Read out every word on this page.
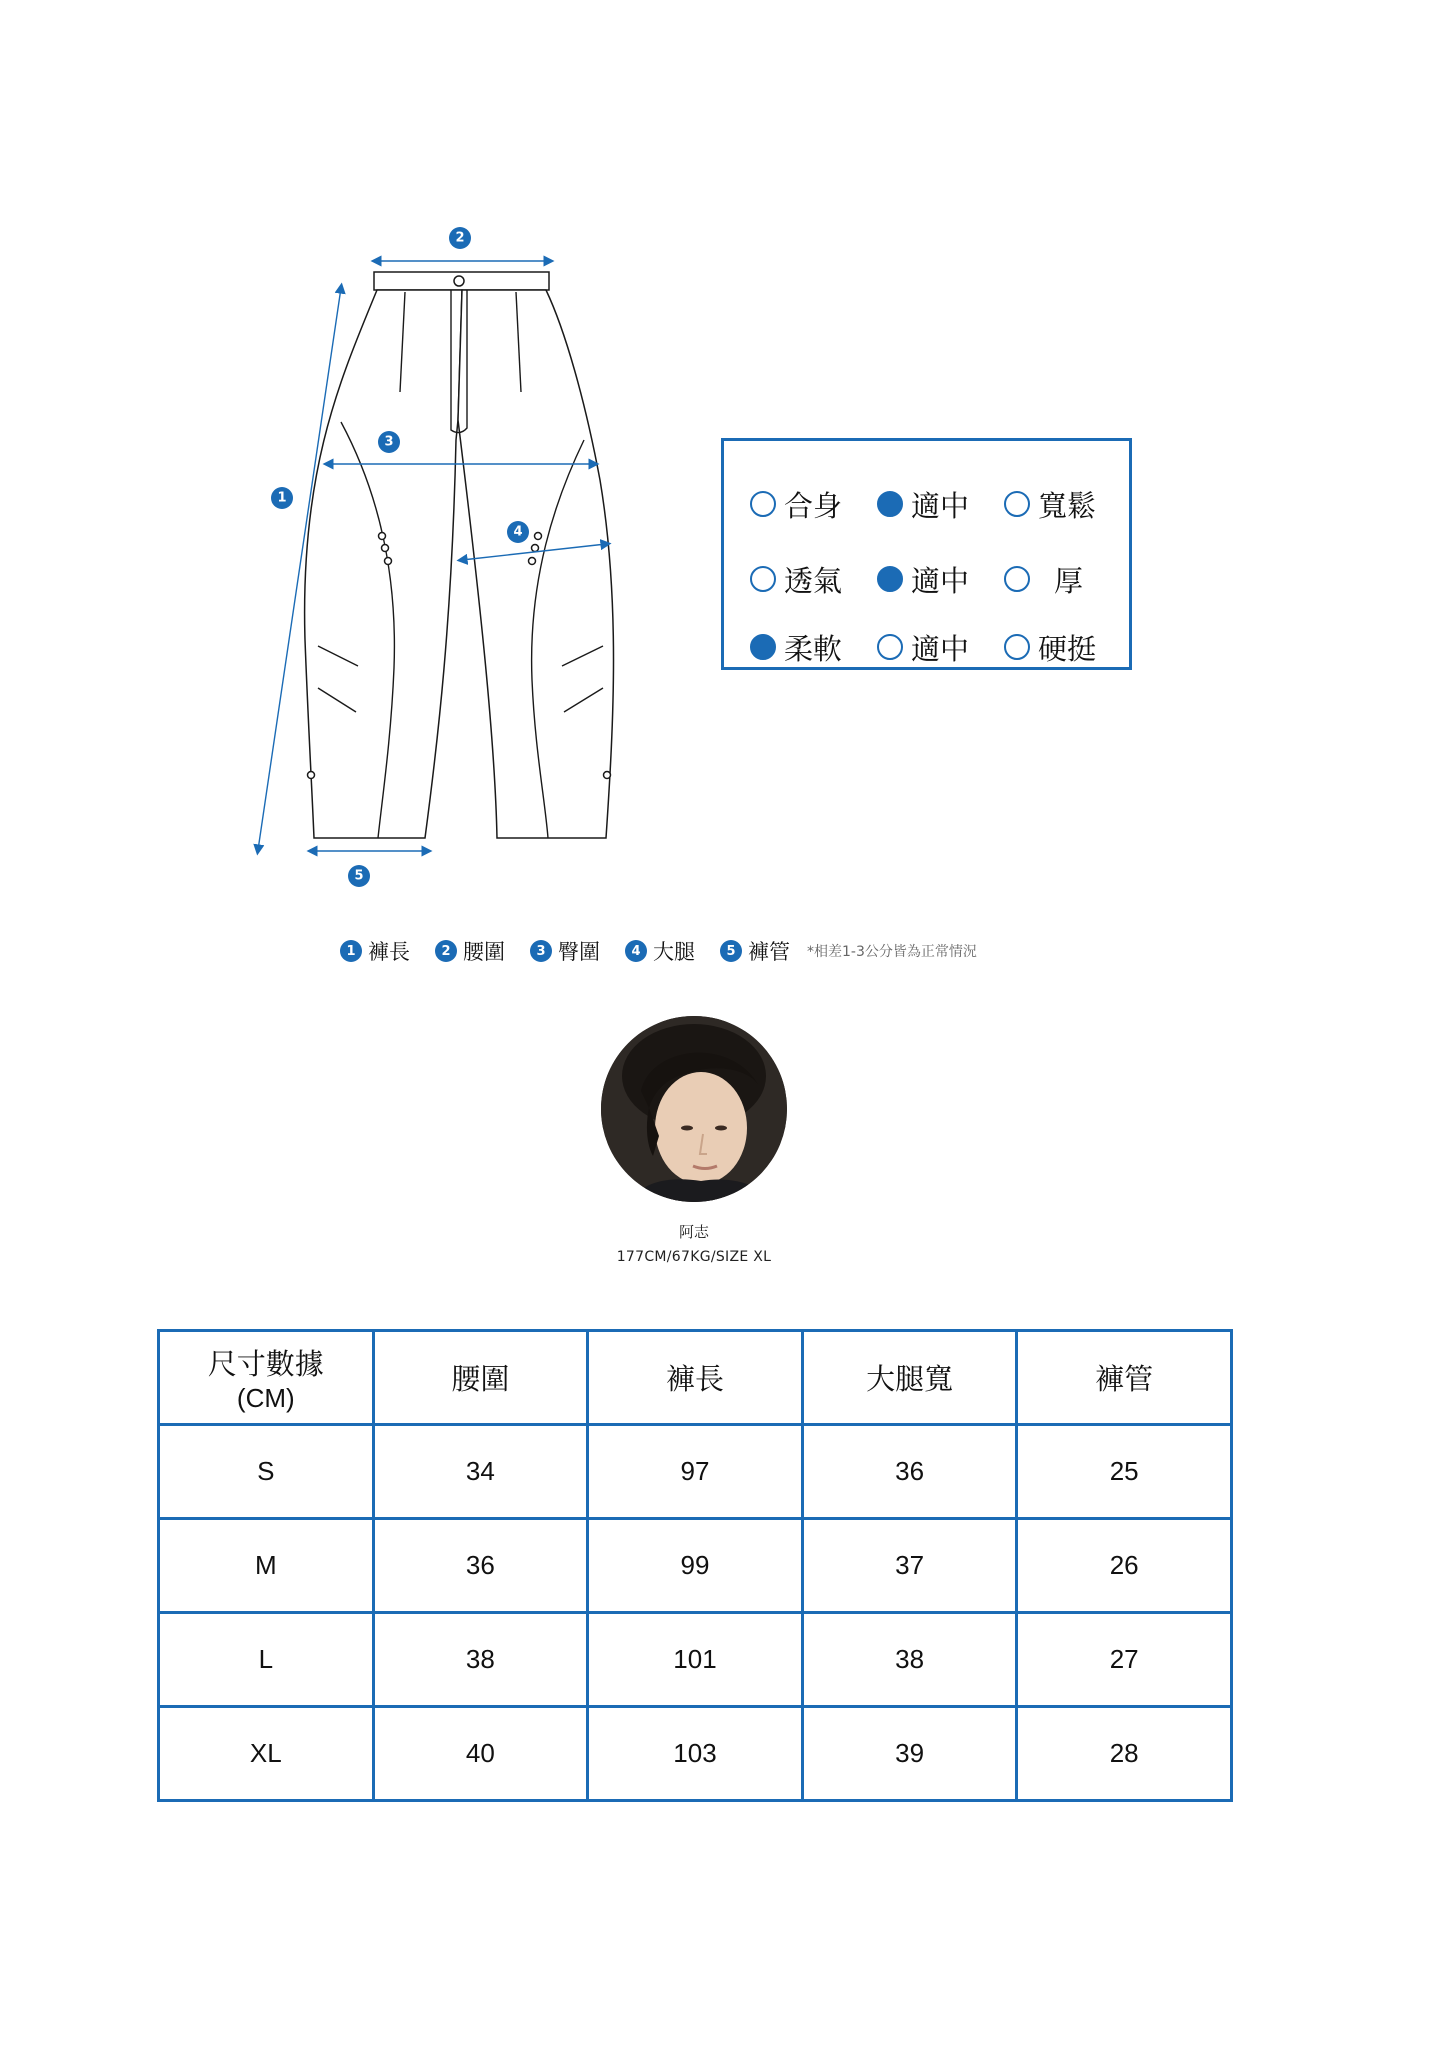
1
2
3
4
5
合身 適中 寬鬆
透氣 適中	厚
柔軟 適中 硬挺
1 褲長	2 腰圍	3 臀圍	4 大腿	5 褲管 *相差1-3公分皆為正常情況
阿志
177CM/67KG/SIZE XL
尺寸數據
(CM)	腰圍	褲長	大腿寬	褲管
S	34	97	36	25
M	36	99	37	26
L	38	101	38	27
XL	40	103	39	28
